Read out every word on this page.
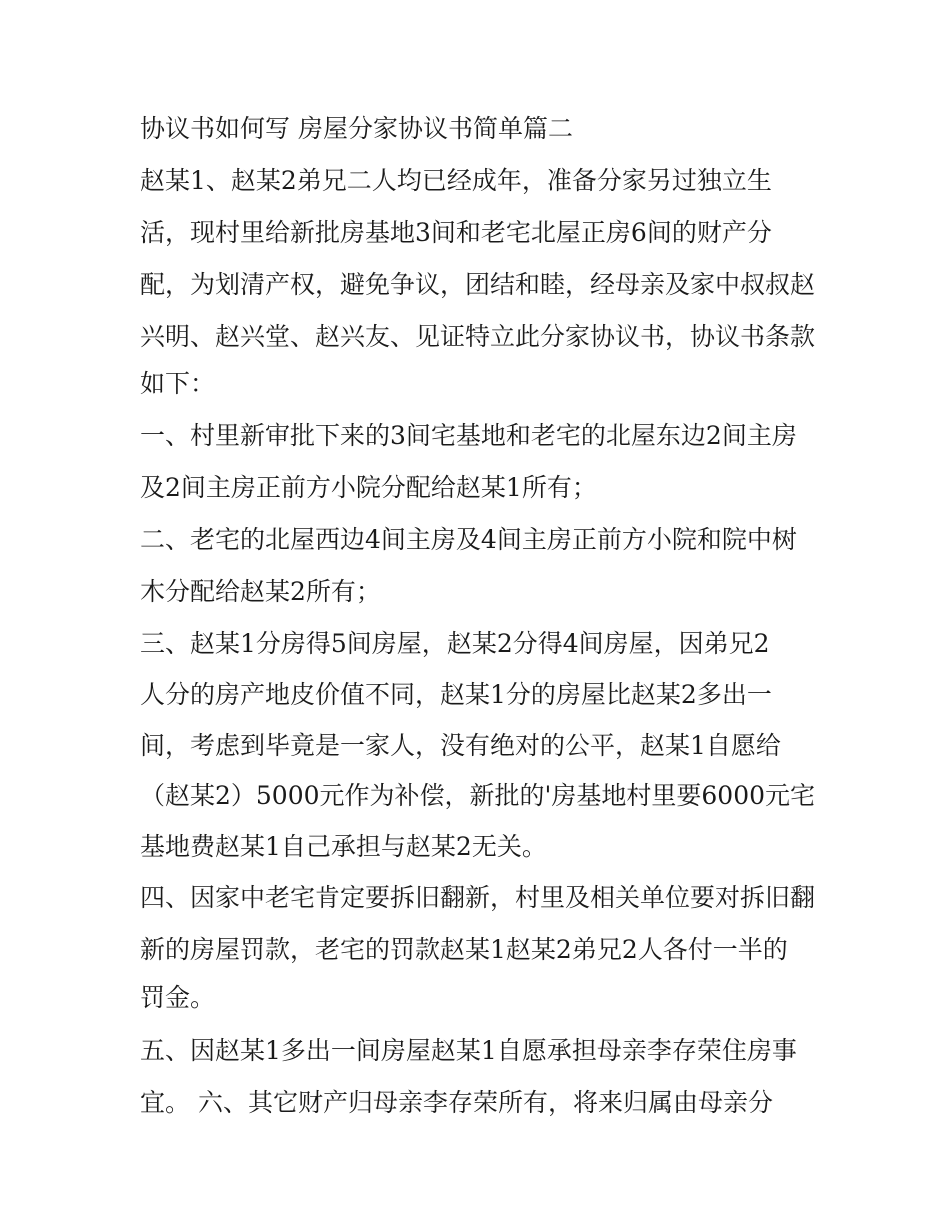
协议书如何写 房屋分家协议书简单篇二

赵某1、赵某2弟兄二人均已经成年，准备分家另过独立生

活，现村里给新批房基地3间和老宅北屋正房6间的财产分

配，为划清产权，避免争议，团结和睦，经母亲及家中叔叔赵

兴明、赵兴堂、赵兴友、见证特立此分家协议书，协议书条款

如下：

一、村里新审批下来的3间宅基地和老宅的北屋东边2间主房

及2间主房正前方小院分配给赵某1所有；

二、老宅的北屋西边4间主房及4间主房正前方小院和院中树

木分配给赵某2所有；

三、赵某1分房得5间房屋，赵某2分得4间房屋，因弟兄2

人分的房产地皮价值不同，赵某1分的房屋比赵某2多出一

间，考虑到毕竟是一家人，没有绝对的公平，赵某1自愿给

（赵某2）5000元作为补偿，新批的'房基地村里要6000元宅

基地费赵某1自己承担与赵某2无关。

四、因家中老宅肯定要拆旧翻新，村里及相关单位要对拆旧翻

新的房屋罚款，老宅的罚款赵某1赵某2弟兄2人各付一半的

罚金。

五、因赵某1多出一间房屋赵某1自愿承担母亲李存荣住房事

宜。 六、其它财产归母亲李存荣所有，将来归属由母亲分
